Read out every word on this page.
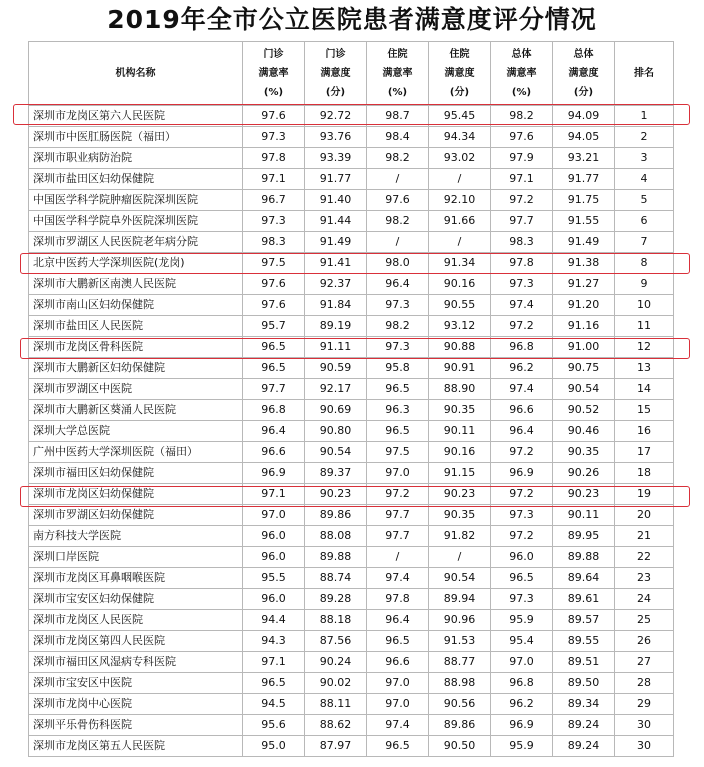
2019年全市公立医院患者满意度评分情况
机构名称	门诊
满意率
(%)	门诊
满意度
(分)	住院
满意率
(%)	住院
满意度
(分)	总体
满意率
(%)	总体
满意度
(分)	排名
深圳市龙岗区第六人民医院	97.6	92.72	98.7	95.45	98.2	94.09	1
深圳市中医肛肠医院（福田）	97.3	93.76	98.4	94.34	97.6	94.05	2
深圳市职业病防治院	97.8	93.39	98.2	93.02	97.9	93.21	3
深圳市盐田区妇幼保健院	97.1	91.77	/	/	97.1	91.77	4
中国医学科学院肿瘤医院深圳医院	96.7	91.40	97.6	92.10	97.2	91.75	5
中国医学科学院阜外医院深圳医院	97.3	91.44	98.2	91.66	97.7	91.55	6
深圳市罗湖区人民医院老年病分院	98.3	91.49	/	/	98.3	91.49	7
北京中医药大学深圳医院(龙岗)	97.5	91.41	98.0	91.34	97.8	91.38	8
深圳市大鹏新区南澳人民医院	97.6	92.37	96.4	90.16	97.3	91.27	9
深圳市南山区妇幼保健院	97.6	91.84	97.3	90.55	97.4	91.20	10
深圳市盐田区人民医院	95.7	89.19	98.2	93.12	97.2	91.16	11
深圳市龙岗区骨科医院	96.5	91.11	97.3	90.88	96.8	91.00	12
深圳市大鹏新区妇幼保健院	96.5	90.59	95.8	90.91	96.2	90.75	13
深圳市罗湖区中医院	97.7	92.17	96.5	88.90	97.4	90.54	14
深圳市大鹏新区葵涌人民医院	96.8	90.69	96.3	90.35	96.6	90.52	15
深圳大学总医院	96.4	90.80	96.5	90.11	96.4	90.46	16
广州中医药大学深圳医院（福田）	96.6	90.54	97.5	90.16	97.2	90.35	17
深圳市福田区妇幼保健院	96.9	89.37	97.0	91.15	96.9	90.26	18
深圳市龙岗区妇幼保健院	97.1	90.23	97.2	90.23	97.2	90.23	19
深圳市罗湖区妇幼保健院	97.0	89.86	97.7	90.35	97.3	90.11	20
南方科技大学医院	96.0	88.08	97.7	91.82	97.2	89.95	21
深圳口岸医院	96.0	89.88	/	/	96.0	89.88	22
深圳市龙岗区耳鼻咽喉医院	95.5	88.74	97.4	90.54	96.5	89.64	23
深圳市宝安区妇幼保健院	96.0	89.28	97.8	89.94	97.3	89.61	24
深圳市龙岗区人民医院	94.4	88.18	96.4	90.96	95.9	89.57	25
深圳市龙岗区第四人民医院	94.3	87.56	96.5	91.53	95.4	89.55	26
深圳市福田区风湿病专科医院	97.1	90.24	96.6	88.77	97.0	89.51	27
深圳市宝安区中医院	96.5	90.02	97.0	88.98	96.8	89.50	28
深圳市龙岗中心医院	94.5	88.11	97.0	90.56	96.2	89.34	29
深圳平乐骨伤科医院	95.6	88.62	97.4	89.86	96.9	89.24	30
深圳市龙岗区第五人民医院	95.0	87.97	96.5	90.50	95.9	89.24	30
